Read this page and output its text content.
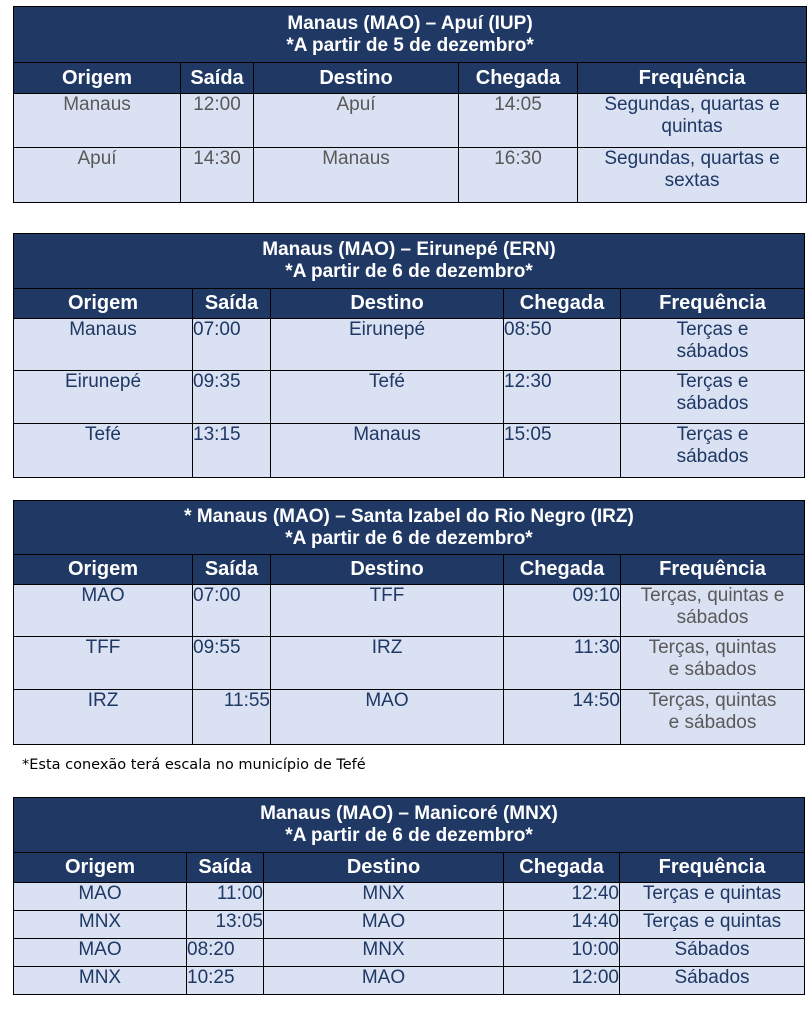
Manaus (MAO) – Apuí (IUP)
*A partir de 5 de dezembro*				

Origem	Saída	Destino	Chegada	Frequência
Manaus	12:00	Apuí	14:05	Segundas, quartas e
quintas

Apuí	14:30	Manaus	16:30	Segundas, quartas e
sextas
Manaus (MAO) – Eirunepé (ERN)
*A partir de 6 de dezembro*				

Origem	Saída	Destino	Chegada	Frequência
Manaus	07:00	Eirunepé	08:50	Terças e
sábados

Eirunepé	09:35	Tefé	12:30	Terças e
sábados

Tefé	13:15	Manaus	15:05	Terças e
sábados
* Manaus (MAO) – Santa Izabel do Rio Negro (IRZ)
*A partir de 6 de dezembro*				

Origem	Saída	Destino	Chegada	Frequência
MAO	07:00	TFF	09:10	Terças, quintas e
sábados

TFF	09:55	IRZ	11:30	Terças, quintas
e sábados

IRZ	11:55	MAO	14:50	Terças, quintas
e sábados
*Esta conexão terá escala no município de Tefé
Manaus (MAO) – Manicoré (MNX)
*A partir de 6 de dezembro*				

Origem	Saída	Destino	Chegada	Frequência
MAO	11:00	MNX	12:40	Terças e quintas
MNX	13:05	MAO	14:40	Terças e quintas
MAO	08:20	MNX	10:00	Sábados
MNX	10:25	MAO	12:00	Sábados
